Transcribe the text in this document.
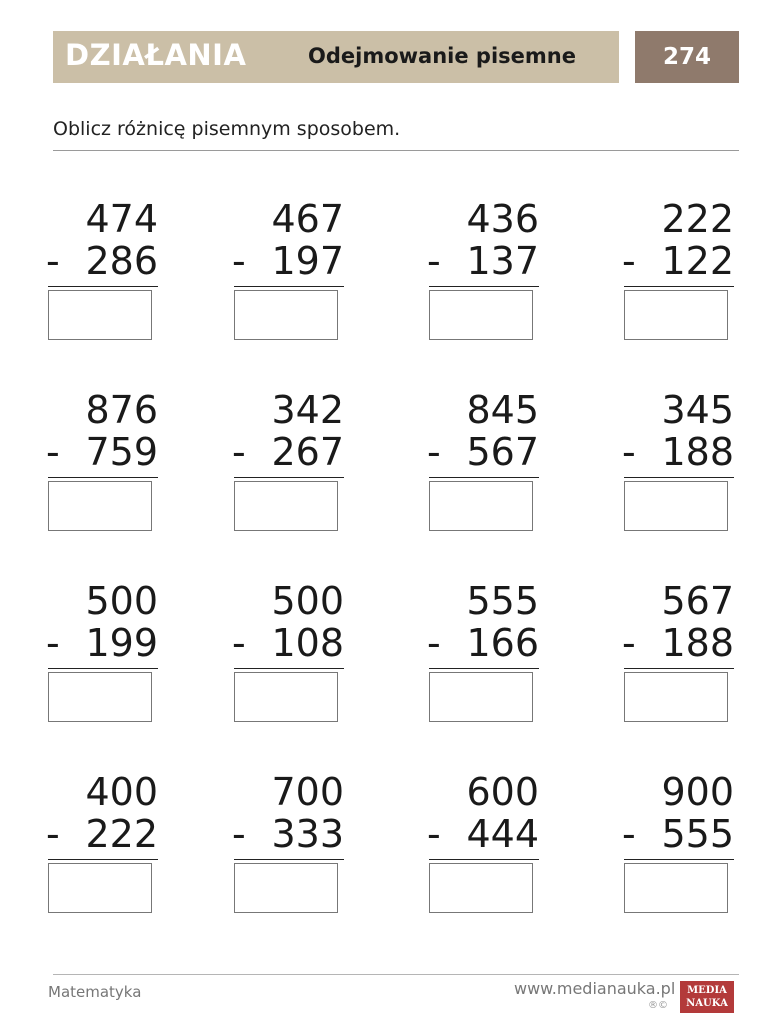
DZIAŁANIA	Odejmowanie pisemne	274
Oblicz różnicę pisemnym sposobem.
474
- 286
467
- 197
436
- 137
222
- 122
876
- 759
342
- 267
845
- 567
345
- 188
500
- 199
500
- 108
555
- 166
567
- 188
400
- 222
700
- 333
600
- 444
900
- 555
Matematyka	www.medianauka.pl
®©
MEDIA
NAUKA
